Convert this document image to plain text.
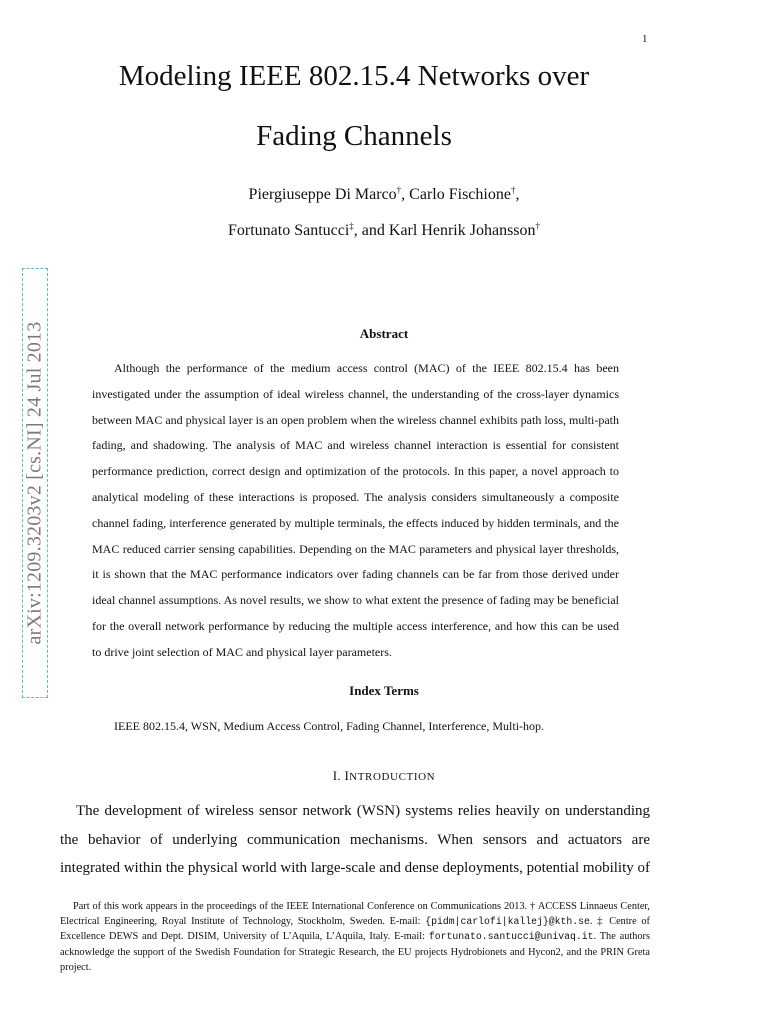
1
arXiv:1209.3203v2 [cs.NI] 24 Jul 2013
Modeling IEEE 802.15.4 Networks over
Fading Channels
Piergiuseppe Di Marco†, Carlo Fischione†,
Fortunato Santucci‡, and Karl Henrik Johansson†
Abstract

Although the performance of the medium access control (MAC) of the IEEE 802.15.4 has been investigated under the assumption of ideal wireless channel, the understanding of the cross-layer dynamics between MAC and physical layer is an open problem when the wireless channel exhibits path loss, multi-path fading, and shadowing. The analysis of MAC and wireless channel interaction is essential for consistent performance prediction, correct design and optimization of the protocols. In this paper, a novel approach to analytical modeling of these interactions is proposed. The analysis considers simultaneously a composite channel fading, interference generated by multiple terminals, the effects induced by hidden terminals, and the MAC reduced carrier sensing capabilities. Depending on the MAC parameters and physical layer thresholds, it is shown that the MAC performance indicators over fading channels can be far from those derived under ideal channel assumptions. As novel results, we show to what extent the presence of fading may be beneficial for the overall network performance by reducing the multiple access interference, and how this can be used to drive joint selection of MAC and physical layer parameters.

Index Terms
IEEE 802.15.4, WSN, Medium Access Control, Fading Channel, Interference, Multi-hop.
I. INTRODUCTION

The development of wireless sensor network (WSN) systems relies heavily on understanding the behavior of underlying communication mechanisms. When sensors and actuators are integrated within the physical world with large-scale and dense deployments, potential mobility of

Part of this work appears in the proceedings of the IEEE International Conference on Communications 2013. † ACCESS Linnaeus Center, Electrical Engineering, Royal Institute of Technology, Stockholm, Sweden. E-mail: {pidm|carlofi|kallej}@kth.se. ‡ Centre of Excellence DEWS and Dept. DISIM, University of L’Aquila, L’Aquila, Italy. E-mail: fortunato.santucci@univaq.it. The authors acknowledge the support of the Swedish Foundation for Strategic Research, the EU projects Hydrobionets and Hycon2, and the PRIN Greta project.
